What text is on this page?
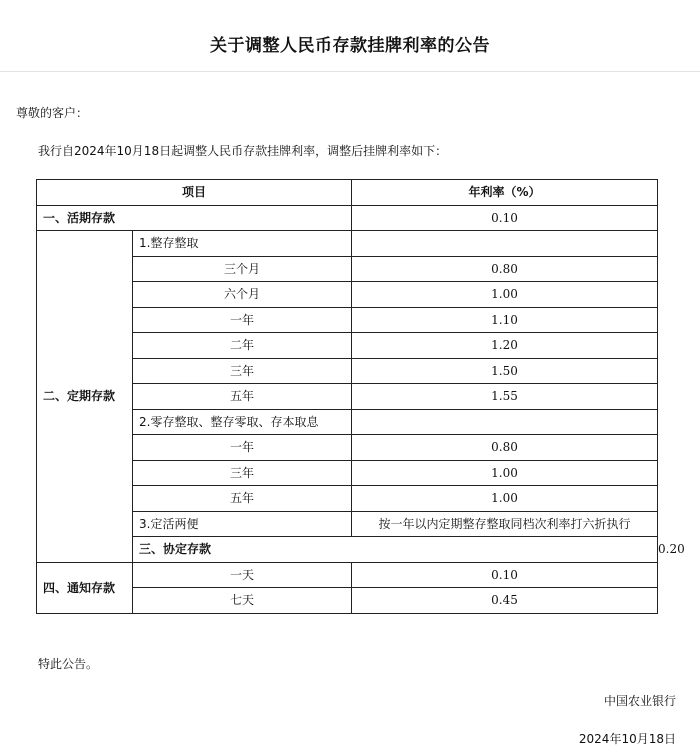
关于调整人民币存款挂牌利率的公告
尊敬的客户：
我行自2024年10月18日起调整人民币存款挂牌利率，调整后挂牌利率如下：
项目		年利率（%）	
一、活期存款		0.10	
二、定期存款	1.整存整取		
	三个月	0.80	
	六个月	1.00	
	一年	1.10	
	二年	1.20	
	三年	1.50	
	五年	1.55	
	2.零存整取、整存零取、存本取息		
	一年	0.80	
	三年	1.00	
	五年	1.00	
	3.定活两便	按一年以内定期整存整取同档次利率打六折执行	
	三、协定存款		0.20
四、通知存款	一天	0.10	
	七天	0.45	
特此公告。
中国农业银行
2024年10月18日
